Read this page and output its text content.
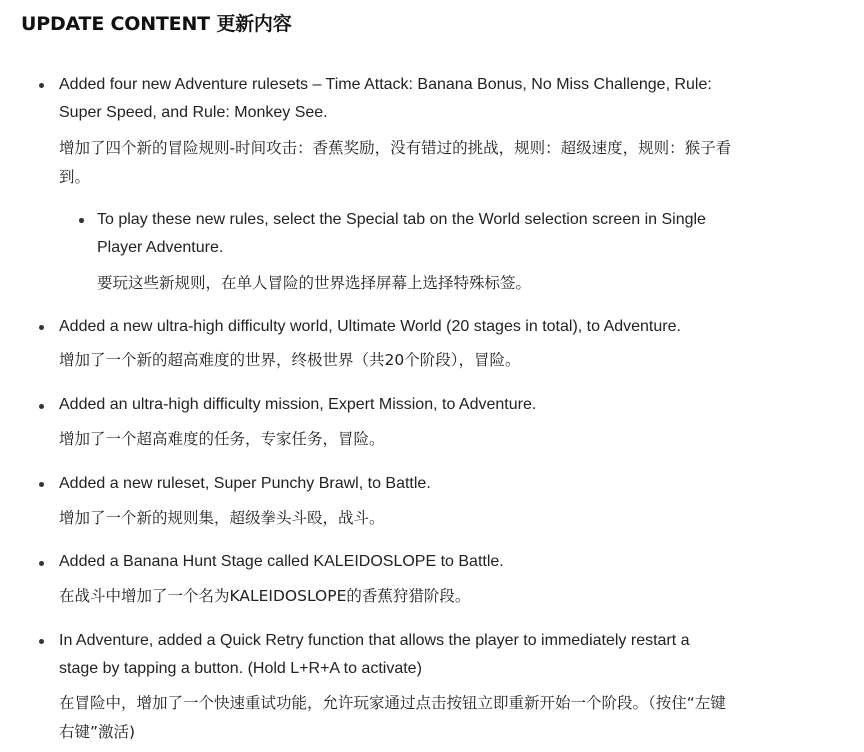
UPDATE CONTENT 更新内容

Added four new Adventure rulesets – Time Attack: Banana Bonus, No Miss Challenge, Rule: Super Speed, and Rule: Monkey See.

增加了四个新的冒险规则-时间攻击：香蕉奖励，没有错过的挑战，规则：超级速度，规则：猴子看到。

To play these new rules, select the Special tab on the World selection screen in Single Player Adventure.

要玩这些新规则，在单人冒险的世界选择屏幕上选择特殊标签。

Added a new ultra-high difficulty world, Ultimate World (20 stages in total), to Adventure.

增加了一个新的超高难度的世界，终极世界（共20个阶段），冒险。

Added an ultra-high difficulty mission, Expert Mission, to Adventure.

增加了一个超高难度的任务，专家任务，冒险。

Added a new ruleset, Super Punchy Brawl, to Battle.

增加了一个新的规则集，超级拳头斗殴，战斗。

Added a Banana Hunt Stage called KALEIDOSLOPE to Battle.

在战斗中增加了一个名为KALEIDOSLOPE的香蕉狩猎阶段。

In Adventure, added a Quick Retry function that allows the player to immediately restart a stage by tapping a button. (Hold L+R+A to activate)

在冒险中，增加了一个快速重试功能，允许玩家通过点击按钮立即重新开始一个阶段。（按住“左键右键”激活)
